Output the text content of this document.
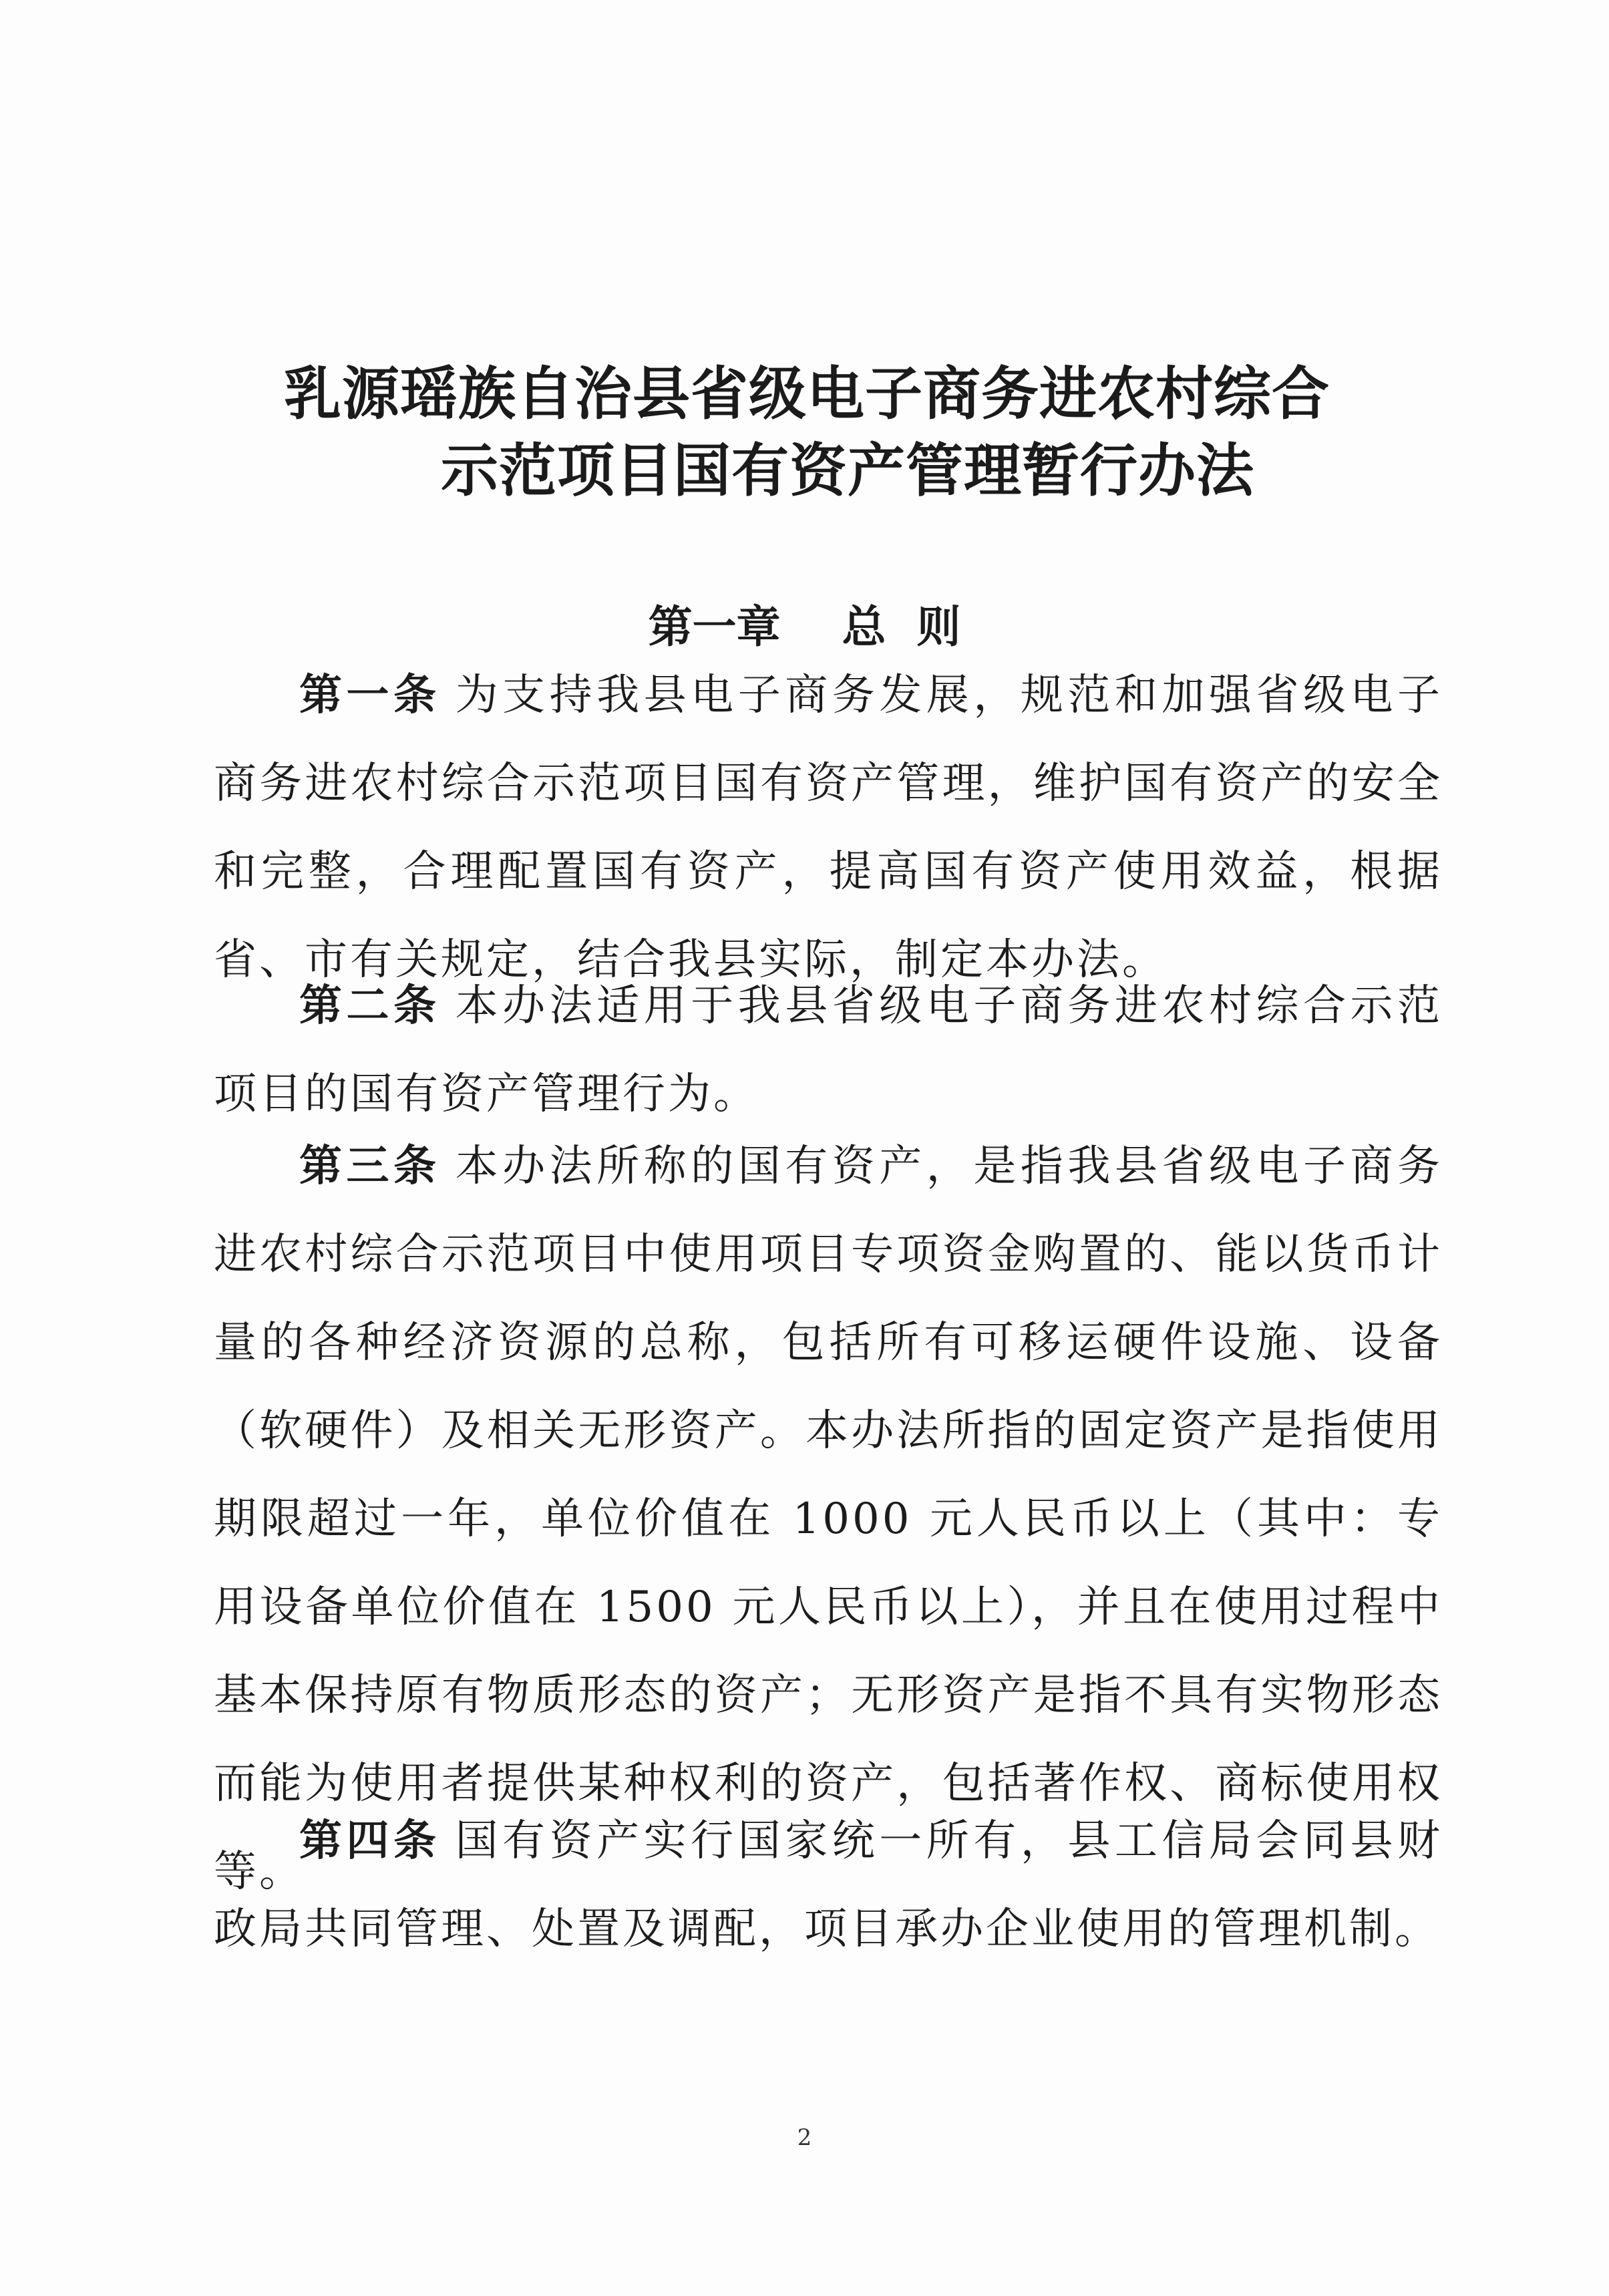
乳源瑶族自治县省级电子商务进农村综合
示范项目国有资产管理暂行办法
第一章    总  则
第一条 为支持我县电子商务发展，规范和加强省级电子商务进农村综合示范项目国有资产管理，维护国有资产的安全和完整，合理配置国有资产，提高国有资产使用效益，根据省、市有关规定，结合我县实际，制定本办法。
第二条 本办法适用于我县省级电子商务进农村综合示范项目的国有资产管理行为。
第三条 本办法所称的国有资产，是指我县省级电子商务进农村综合示范项目中使用项目专项资金购置的、能以货币计量的各种经济资源的总称，包括所有可移运硬件设施、设备（软硬件）及相关无形资产。本办法所指的固定资产是指使用期限超过一年，单位价值在 1000 元人民币以上（其中：专用设备单位价值在 1500 元人民币以上），并且在使用过程中基本保持原有物质形态的资产；无形资产是指不具有实物形态而能为使用者提供某种权利的资产，包括著作权、商标使用权等。
第四条 国有资产实行国家统一所有，县工信局会同县财政局共同管理、处置及调配，项目承办企业使用的管理机制。
2
